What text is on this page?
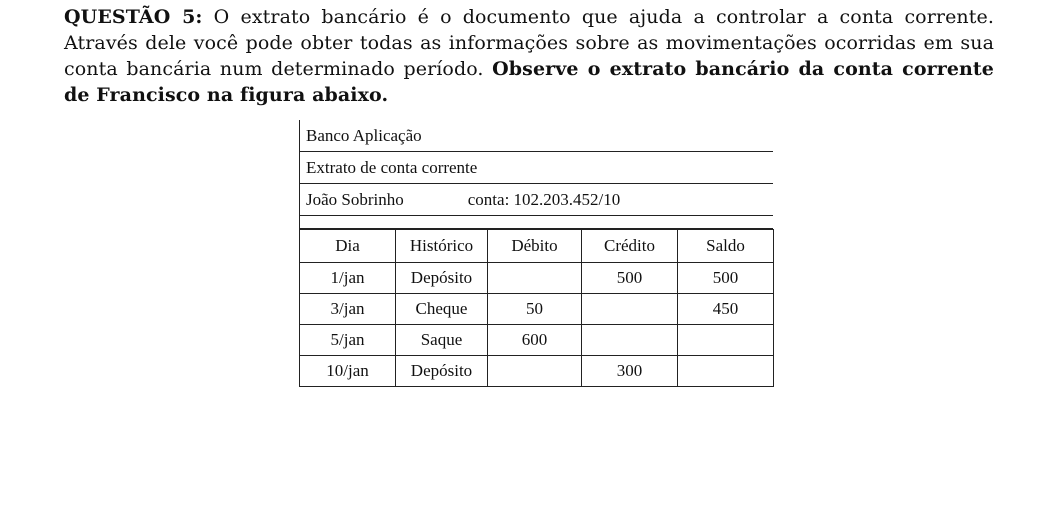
QUESTÃO 5: O extrato bancário é o documento que ajuda a controlar a conta corrente. Através dele você pode obter todas as informações sobre as movimentações ocorridas em sua conta bancária num determinado período. Observe o extrato bancário da conta corrente de Francisco na figura abaixo.
Banco Aplicação
Extrato de conta corrente
João Sobrinho	conta: 102.203.452/10
Dia	Histórico	Débito	Crédito	Saldo
1/jan	Depósito		500	500
3/jan	Cheque	50		450
5/jan	Saque	600		
10/jan	Depósito		300	
